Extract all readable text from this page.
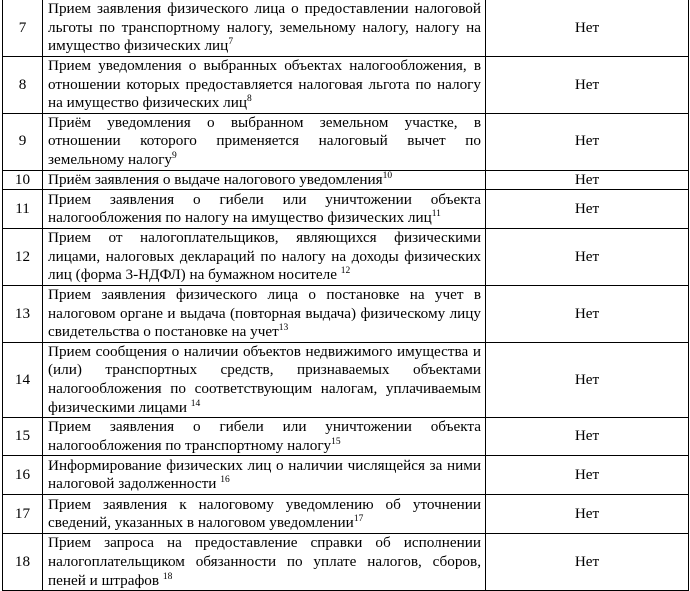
7	Прием заявления физического лица о предоставлении налоговой льготы по транспортному налогу, земельному налогу, налогу на имущество физических лиц$^7$	Нет
8	Прием уведомления о выбранных объектах налогообложения, в отношении которых предоставляется налоговая льгота по налогу на имущество физических лиц$^8$	Нет
9	Приём уведомления о выбранном земельном участке, в отношении которого применяется налоговый вычет по земельному налогу$^9$	Нет
10	Приём заявления о выдаче налогового уведомления$^{10}$	Нет
11	Прием заявления о гибели или уничтожении объекта налогообложения по налогу на имущество физических лиц$^{11}$	Нет
12	Прием от налогоплательщиков, являющихся физическими лицами, налоговых деклараций по налогу на доходы физических лиц (форма 3-НДФЛ) на бумажном носителе $^{12}$	Нет
13	Прием заявления физического лица о постановке на учет в налоговом органе и выдача (повторная выдача) физическому лицу свидетельства о постановке на учет$^{13}$	Нет
14	Прием сообщения о наличии объектов недвижимого имущества и (или) транспортных средств, признаваемых объектами налогообложения по соответствующим налогам, уплачиваемым физическими лицами $^{14}$	Нет
15	Прием заявления о гибели или уничтожении объекта налогообложения по транспортному налогу$^{15}$	Нет
16	Информирование физических лиц о наличии числящейся за ними налоговой задолженности $^{16}$	Нет
17	Прием заявления к налоговому уведомлению об уточнении сведений, указанных в налоговом уведомлении$^{17}$	Нет
18	Прием запроса на предоставление справки об исполнении налогоплательщиком обязанности по уплате налогов, сборов, пеней и штрафов $^{18}$	Нет
